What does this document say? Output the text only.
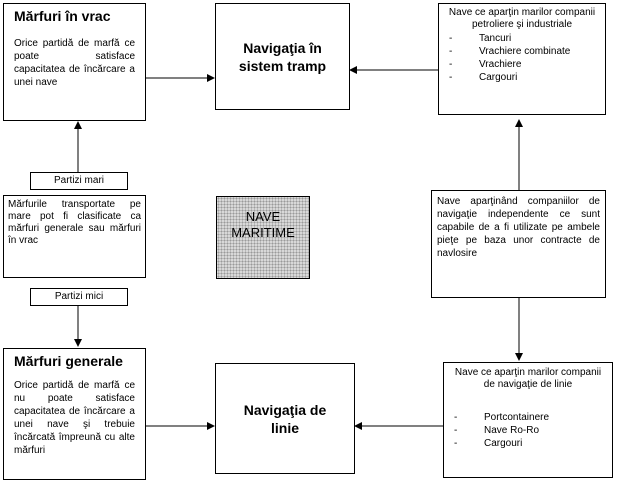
Mărfuri în vrac
Orice partidă de marfă ce poate satisface capacitatea de încărcare a unei nave
Navigaţia în sistem tramp
Nave ce aparţin marilor companii petroliere şi industriale
- Tancuri
- Vrachiere combinate
- Vrachiere
- Cargouri
Partizi mari
Mărfurile transportate pe mare pot fi clasificate ca mărfuri generale sau mărfuri în vrac
NAVE MARITIME
Nave aparţinând companiilor de navigaţie independente ce sunt capabile de a fi utilizate pe ambele pieţe pe baza unor contracte de navlosire
Partizi mici
Mărfuri generale
Orice partidă de marfă ce nu poate satisface capacitatea de încărcare a unei nave şi trebuie încărcată împreună cu alte mărfuri
Navigaţia de linie
Nave ce aparţin marilor companii de navigaţie de linie
- Portcontainere
- Nave Ro-Ro
- Cargouri
